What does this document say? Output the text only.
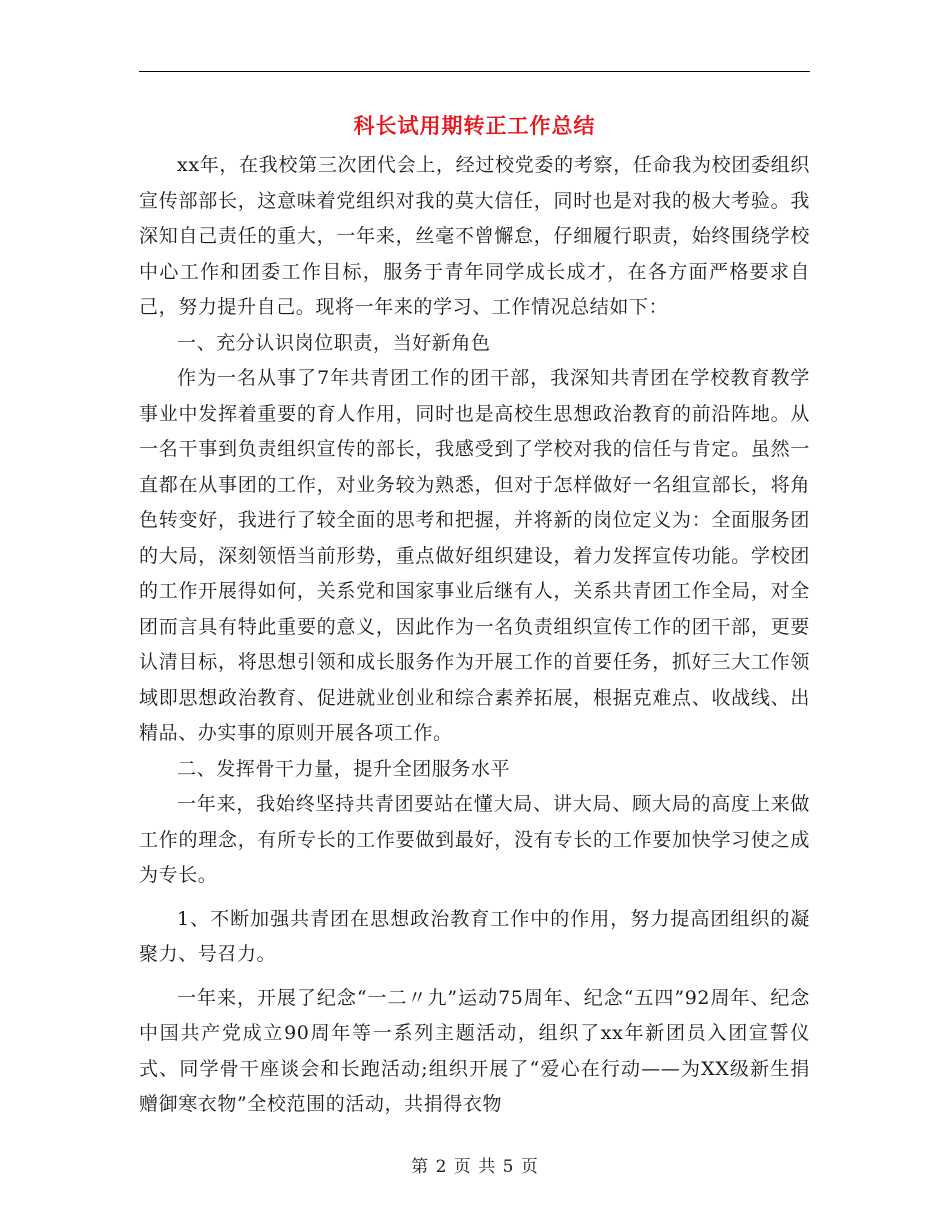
科长试用期转正工作总结

xx年，在我校第三次团代会上，经过校党委的考察，任命我为校团委组织宣传部部长，这意味着党组织对我的莫大信任，同时也是对我的极大考验。我深知自己责任的重大，一年来，丝毫不曾懈怠，仔细履行职责，始终围绕学校中心工作和团委工作目标，服务于青年同学成长成才，在各方面严格要求自己，努力提升自己。现将一年来的学习、工作情况总结如下：

一、充分认识岗位职责，当好新角色

作为一名从事了7年共青团工作的团干部，我深知共青团在学校教育教学事业中发挥着重要的育人作用，同时也是高校生思想政治教育的前沿阵地。从一名干事到负责组织宣传的部长，我感受到了学校对我的信任与肯定。虽然一直都在从事团的工作，对业务较为熟悉，但对于怎样做好一名组宣部长，将角色转变好，我进行了较全面的思考和把握，并将新的岗位定义为：全面服务团的大局，深刻领悟当前形势，重点做好组织建设，着力发挥宣传功能。学校团的工作开展得如何，关系党和国家事业后继有人，关系共青团工作全局，对全团而言具有特此重要的意义，因此作为一名负责组织宣传工作的团干部，更要认清目标，将思想引领和成长服务作为开展工作的首要任务，抓好三大工作领域即思想政治教育、促进就业创业和综合素养拓展，根据克难点、收战线、出精品、办实事的原则开展各项工作。

二、发挥骨干力量，提升全团服务水平

一年来，我始终坚持共青团要站在懂大局、讲大局、顾大局的高度上来做工作的理念，有所专长的工作要做到最好，没有专长的工作要加快学习使之成为专长。

1、不断加强共青团在思想政治教育工作中的作用，努力提高团组织的凝聚力、号召力。

一年来，开展了纪念“一二〃九”运动75周年、纪念“五四”92周年、纪念中国共产党成立90周年等一系列主题活动，组织了xx年新团员入团宣誓仪式、同学骨干座谈会和长跑活动;组织开展了“爱心在行动——为XX级新生捐赠御寒衣物”全校范围的活动，共捐得衣物

第 2 页 共 5 页
